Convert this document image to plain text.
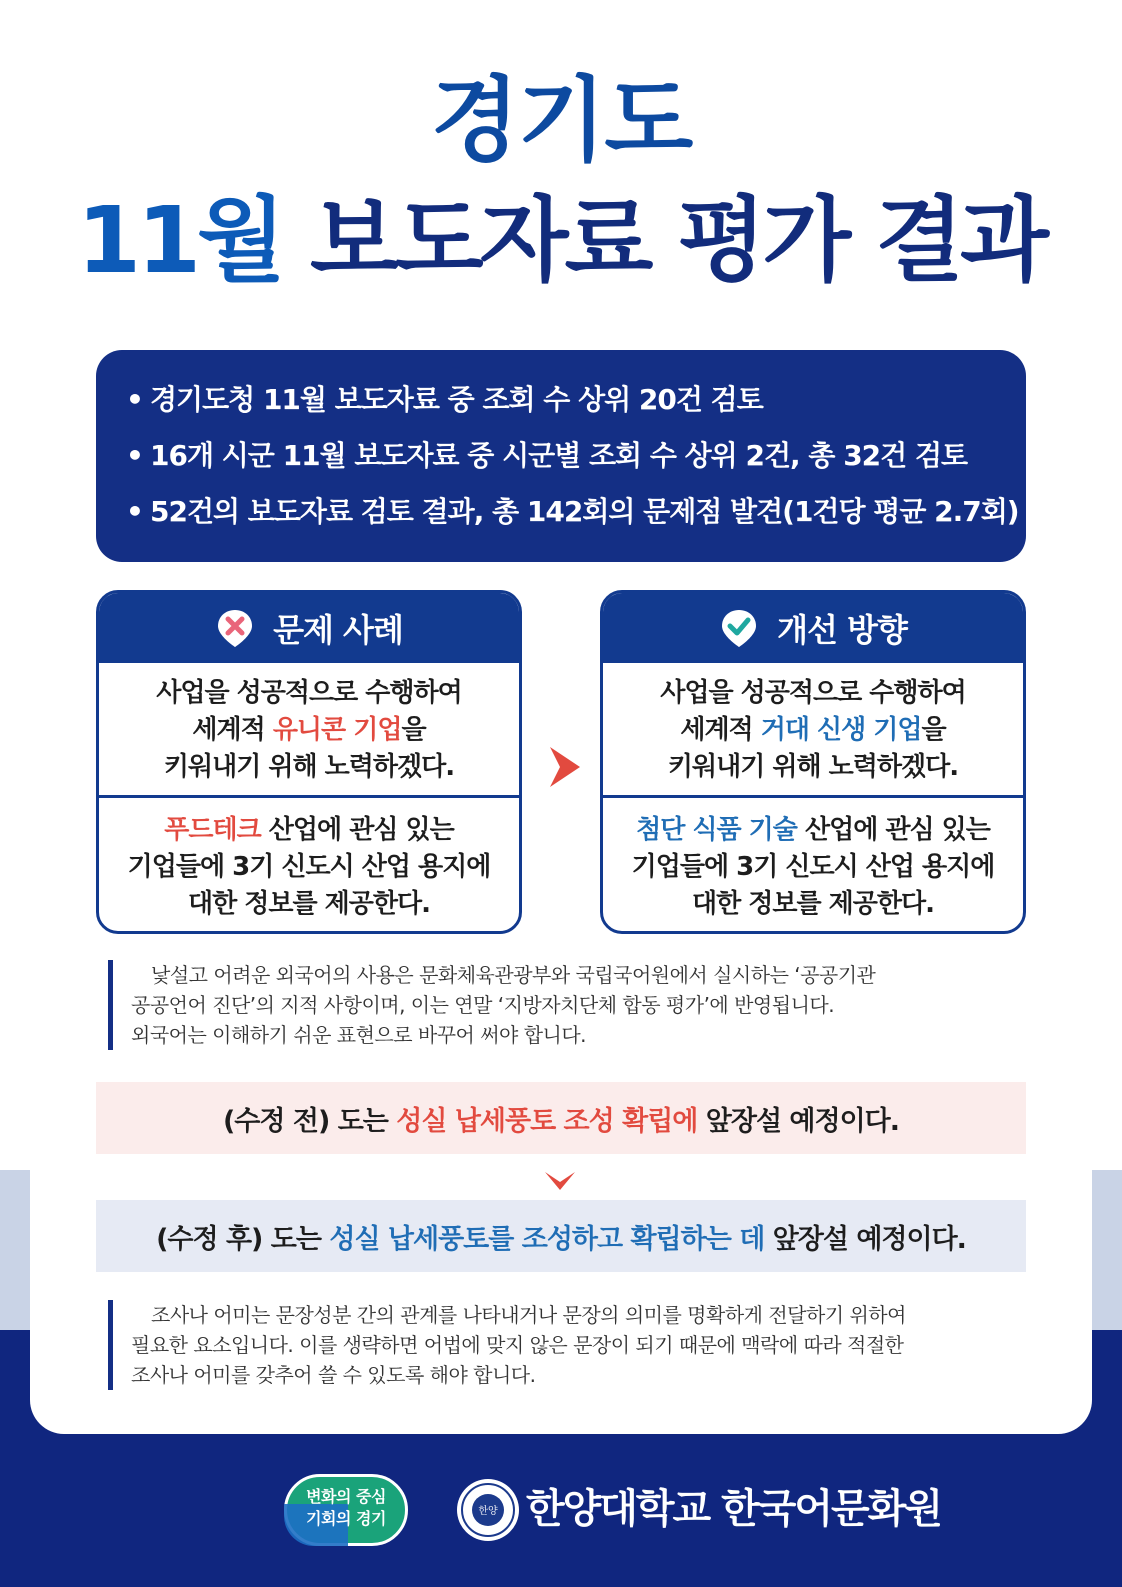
경기도
11월 보도자료 평가 결과
• 경기도청 11월 보도자료 중 조회 수 상위 20건 검토
• 16개 시군 11월 보도자료 중 시군별 조회 수 상위 2건, 총 32건 검토
• 52건의 보도자료 검토 결과, 총 142회의 문제점 발견(1건당 평균 2.7회)
문제 사례
사업을 성공적으로 수행하여
세계적 유니콘 기업을
키워내기 위해 노력하겠다.
푸드테크 산업에 관심 있는
기업들에 3기 신도시 산업 용지에
대한 정보를 제공한다.
개선 방향
사업을 성공적으로 수행하여
세계적 거대 신생 기업을
키워내기 위해 노력하겠다.
첨단 식품 기술 산업에 관심 있는
기업들에 3기 신도시 산업 용지에
대한 정보를 제공한다.

낯설고 어려운 외국어의 사용은 문화체육관광부와 국립국어원에서 실시하는 ‘공공기관

공공언어 진단’의 지적 사항이며, 이는 연말 ‘지방자치단체 합동 평가’에 반영됩니다.

외국어는 이해하기 쉬운 표현으로 바꾸어 써야 합니다.

(수정 전) 도는 성실 납세풍토 조성 확립에 앞장설 예정이다.
(수정 후) 도는 성실 납세풍토를 조성하고 확립하는 데 앞장설 예정이다.

조사나 어미는 문장성분 간의 관계를 나타내거나 문장의 의미를 명확하게 전달하기 위하여

필요한 요소입니다. 이를 생략하면 어법에 맞지 않은 문장이 되기 때문에 맥락에 따라 적절한

조사나 어미를 갖추어 쓸 수 있도록 해야 합니다.

변화의 중심
기회의 경기	한양 한양대학교 한국어문화원
